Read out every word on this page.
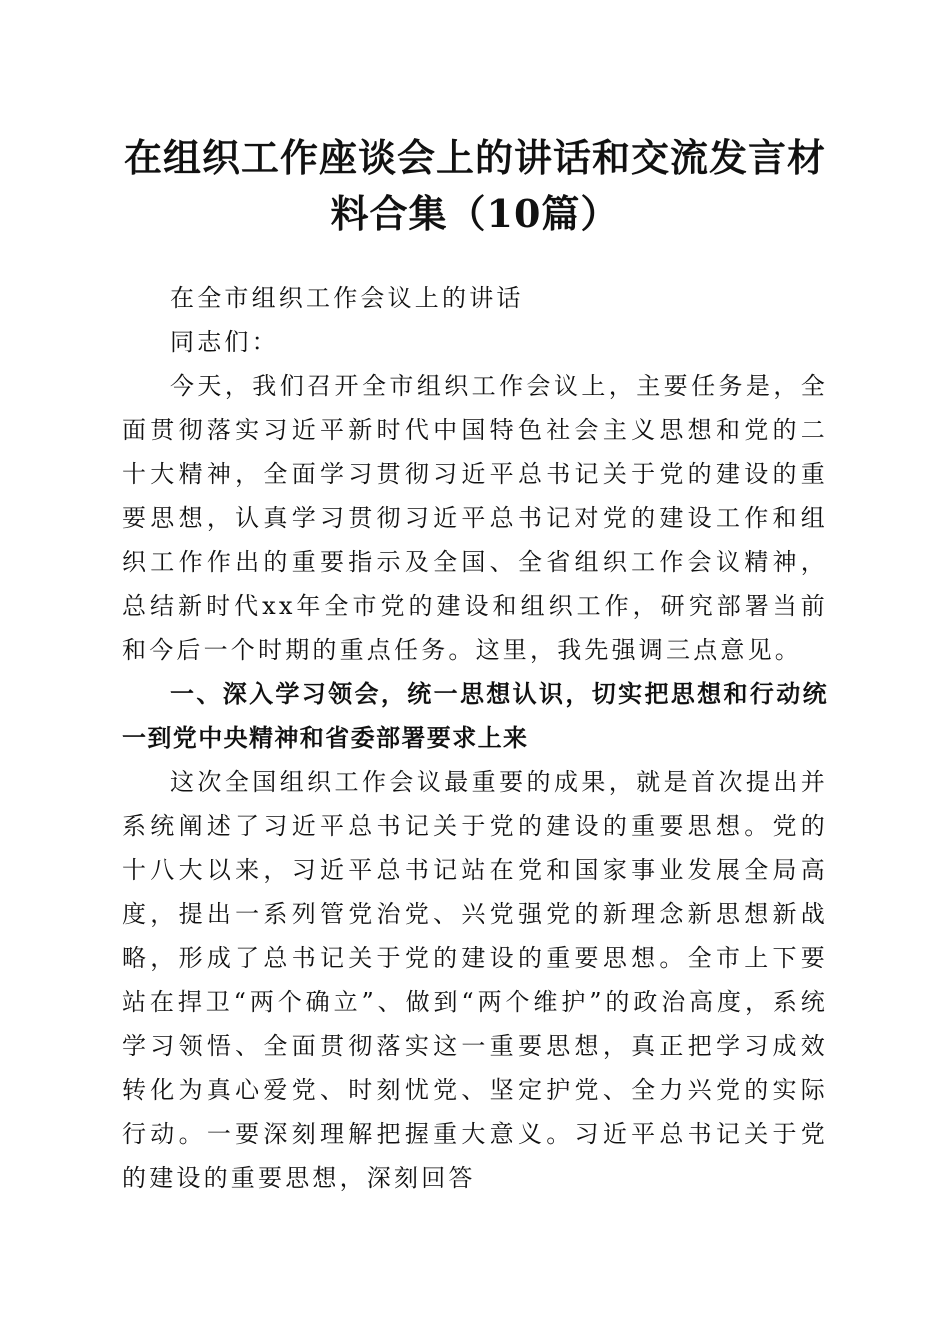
在组织工作座谈会上的讲话和交流发言材料合集（10篇）

在全市组织工作会议上的讲话

同志们：

今天，我们召开全市组织工作会议上，主要任务是，全面贯彻落实习近平新时代中国特色社会主义思想和党的二十大精神，全面学习贯彻习近平总书记关于党的建设的重要思想，认真学习贯彻习近平总书记对党的建设工作和组织工作作出的重要指示及全国、全省组织工作会议精神，总结新时代xx年全市党的建设和组织工作，研究部署当前和今后一个时期的重点任务。这里，我先强调三点意见。

一、深入学习领会，统一思想认识，切实把思想和行动统一到党中央精神和省委部署要求上来

这次全国组织工作会议最重要的成果，就是首次提出并系统阐述了习近平总书记关于党的建设的重要思想。党的十八大以来，习近平总书记站在党和国家事业发展全局高度，提出一系列管党治党、兴党强党的新理念新思想新战略，形成了总书记关于党的建设的重要思想。全市上下要站在捍卫“两个确立”、做到“两个维护”的政治高度，系统学习领悟、全面贯彻落实这一重要思想，真正把学习成效转化为真心爱党、时刻忧党、坚定护党、全力兴党的实际行动。一要深刻理解把握重大意义。习近平总书记关于党的建设的重要思想，深刻回答
